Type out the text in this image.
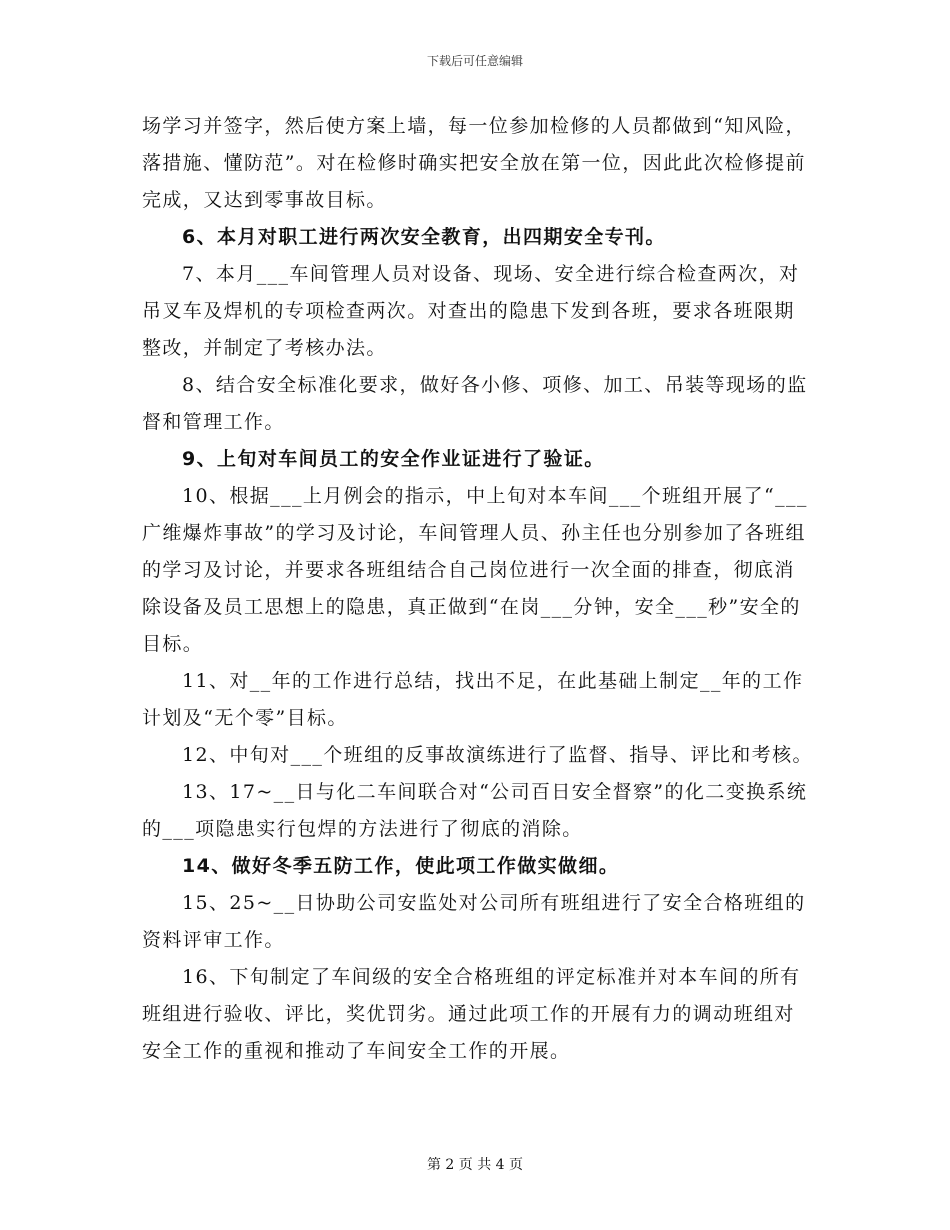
下载后可任意编辑

场学习并签字，然后使方案上墙，每一位参加检修的人员都做到“知风险，落措施、懂防范”。对在检修时确实把安全放在第一位，因此此次检修提前完成，又达到零事故目标。

6、本月对职工进行两次安全教育，出四期安全专刊。

7、本月___车间管理人员对设备、现场、安全进行综合检查两次，对吊叉车及焊机的专项检查两次。对查出的隐患下发到各班，要求各班限期整改，并制定了考核办法。

8、结合安全标准化要求，做好各小修、项修、加工、吊装等现场的监督和管理工作。

9、上旬对车间员工的安全作业证进行了验证。

10、根据___上月例会的指示，中上旬对本车间___个班组开展了“___广维爆炸事故”的学习及讨论，车间管理人员、孙主任也分别参加了各班组的学习及讨论，并要求各班组结合自己岗位进行一次全面的排查，彻底消除设备及员工思想上的隐患，真正做到“在岗___分钟，安全___秒”安全的目标。

11、对__年的工作进行总结，找出不足，在此基础上制定__年的工作计划及“无个零”目标。

12、中旬对___个班组的反事故演练进行了监督、指导、评比和考核。

13、17~__日与化二车间联合对“公司百日安全督察”的化二变换系统的___项隐患实行包焊的方法进行了彻底的消除。

14、做好冬季五防工作，使此项工作做实做细。

15、25~__日协助公司安监处对公司所有班组进行了安全合格班组的资料评审工作。

16、下旬制定了车间级的安全合格班组的评定标准并对本车间的所有班组进行验收、评比，奖优罚劣。通过此项工作的开展有力的调动班组对安全工作的重视和推动了车间安全工作的开展。

第 2 页 共 4 页
